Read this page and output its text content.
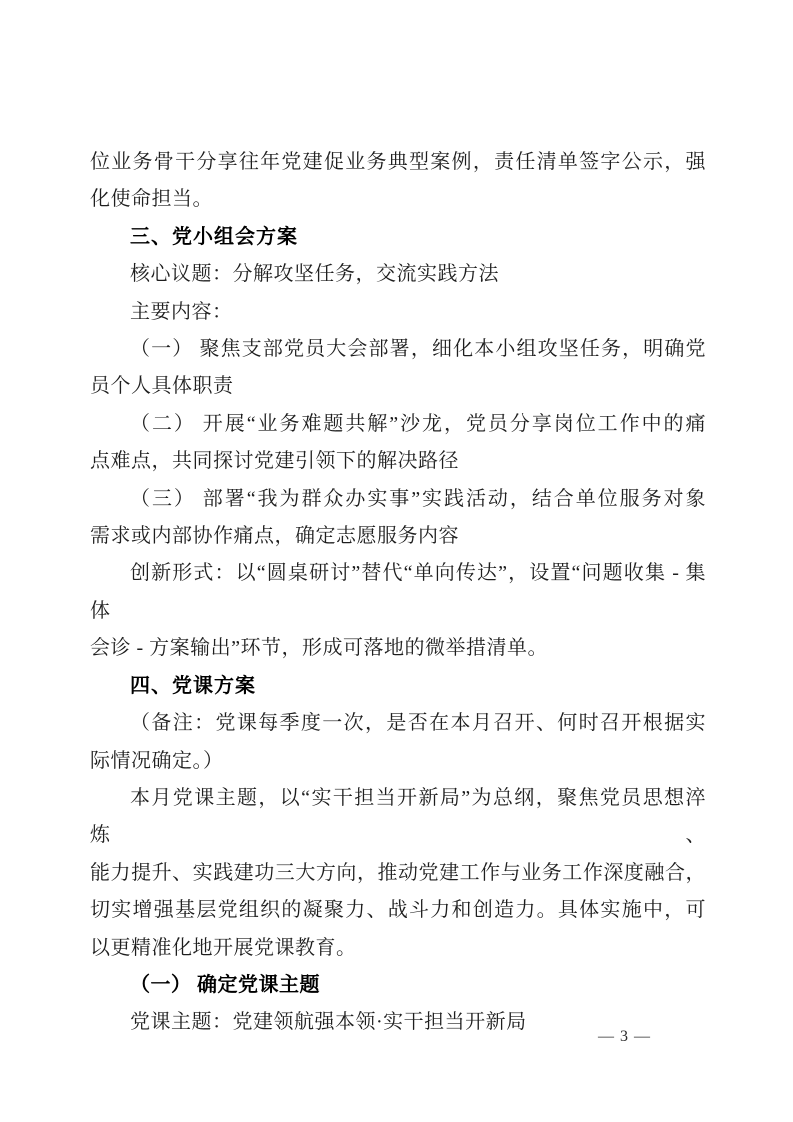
位业务骨干分享往年党建促业务典型案例，责任清单签字公示，强
化使命担当。
三、党小组会方案
核心议题：分解攻坚任务，交流实践方法
主要内容：
（一） 聚焦支部党员大会部署，细化本小组攻坚任务，明确党
员个人具体职责
（二） 开展“业务难题共解”沙龙，党员分享岗位工作中的痛
点难点，共同探讨党建引领下的解决路径
（三） 部署“我为群众办实事”实践活动，结合单位服务对象
需求或内部协作痛点，确定志愿服务内容
创新形式：以“圆桌研讨”替代“单向传达”，设置“问题收集 - 集体
会诊 - 方案输出”环节，形成可落地的微举措清单。
四、党课方案
（备注：党课每季度一次，是否在本月召开、何时召开根据实
际情况确定。）
本月党课主题，以“实干担当开新局”为总纲，聚焦党员思想淬炼、
能力提升、实践建功三大方向，推动党建工作与业务工作深度融合，
切实增强基层党组织的凝聚力、战斗力和创造力。具体实施中，可
以更精准化地开展党课教育。
（一） 确定党课主题
党课主题：党建领航强本领·实干担当开新局
— 3 —
